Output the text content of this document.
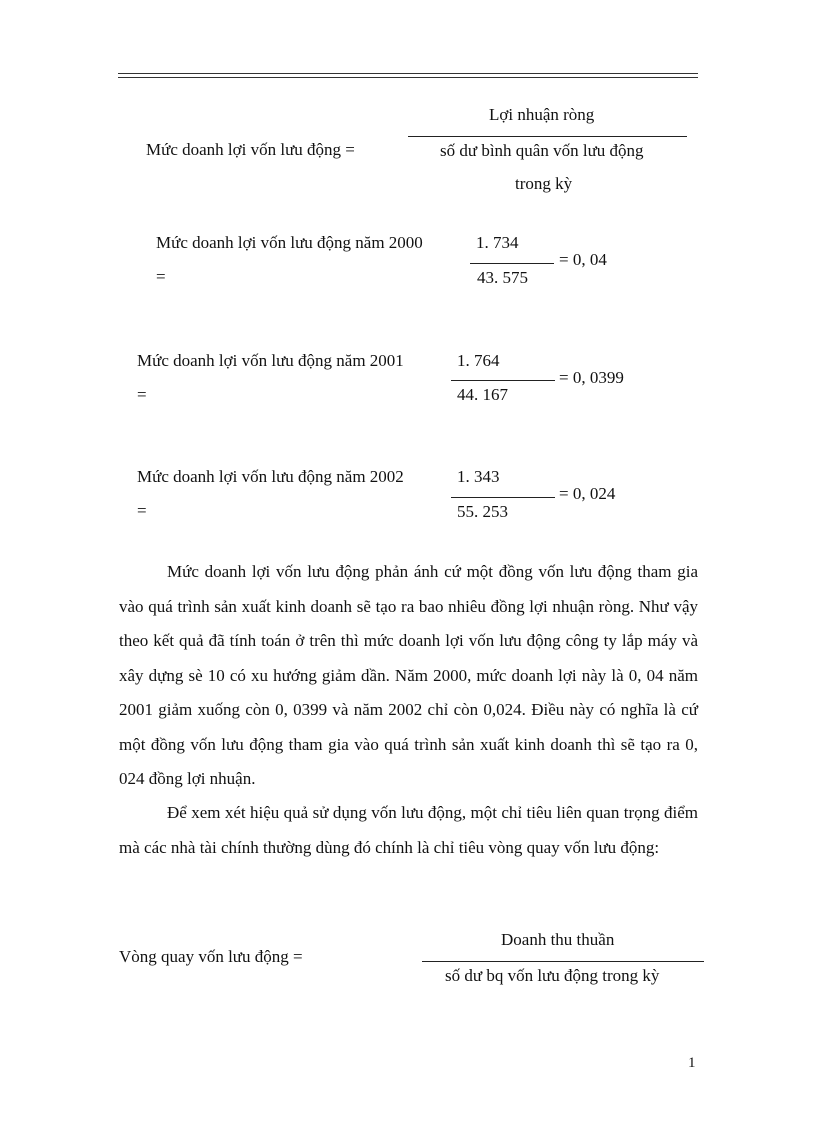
Mức doanh lợi vốn lưu động =
Lợi nhuận ròng
số dư bình quân vốn lưu động
trong kỳ
Mức doanh lợi vốn lưu động năm 2000
=
1. 734
43. 575
= 0, 04
Mức doanh lợi vốn lưu động năm 2001
=
1. 764
44. 167
= 0, 0399
Mức doanh lợi vốn lưu động năm 2002
=
1. 343
55. 253
= 0, 024

Mức doanh lợi vốn lưu động phản ánh cứ một đồng vốn lưu động tham gia vào quá trình sản xuất kinh doanh sẽ tạo ra bao nhiêu đồng lợi nhuận ròng. Như vậy theo kết quả đã tính toán ở trên thì mức doanh lợi vốn lưu động công ty lắp máy và xây dựng sè 10 có xu hướng giảm dần. Năm 2000, mức doanh lợi này là 0, 04 năm 2001 giảm xuống còn 0, 0399 và năm 2002 chỉ còn 0,024. Điều này có nghĩa là cứ một đồng vốn lưu động tham gia vào quá trình sản xuất kinh doanh thì sẽ tạo ra 0, 024 đồng lợi nhuận.

Để xem xét hiệu quả sử dụng vốn lưu động, một chỉ tiêu liên quan trọng điểm mà các nhà tài chính thường dùng đó chính là chỉ tiêu vòng quay vốn lưu động:

Vòng quay vốn lưu động =
Doanh thu thuần
số dư bq vốn lưu động trong kỳ
1
